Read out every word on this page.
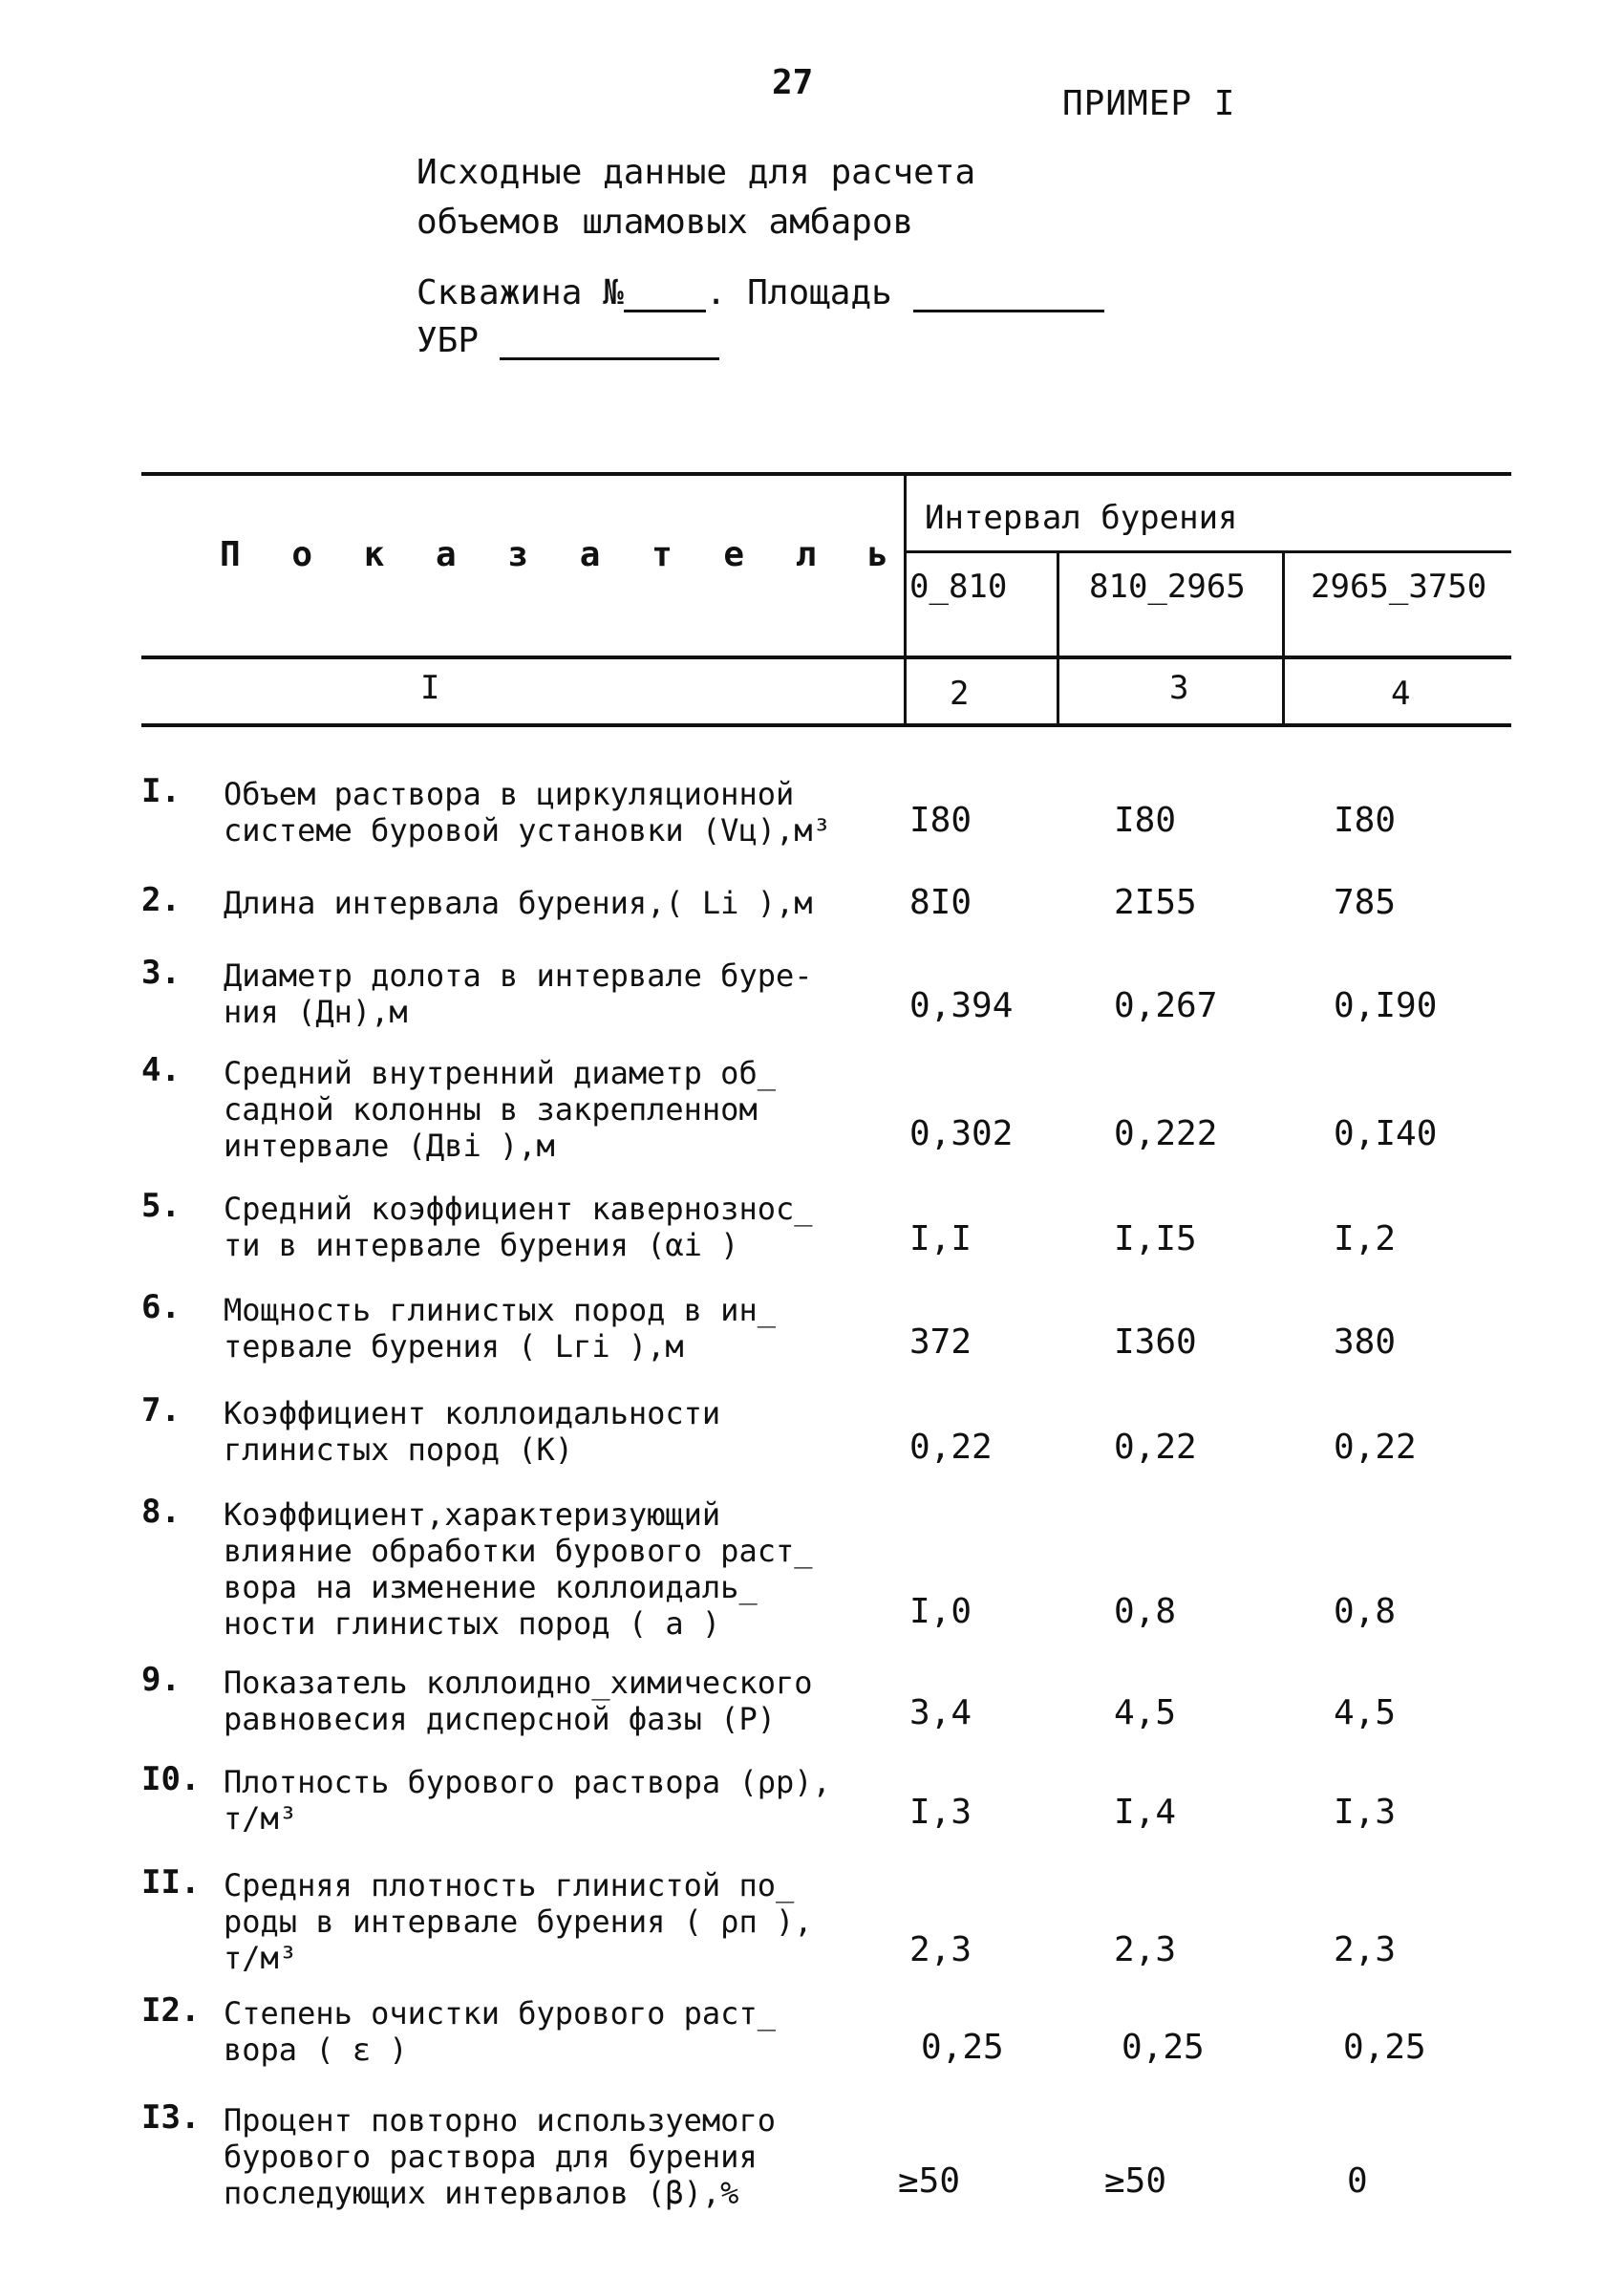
27
ПРИМЕР I
Исходные данные для расчета
объемов шламовых амбаров
Скважина № . Площадь
УБР
П о к а з а т е л ь
Интервал бурения
0_810	810_2965 2965_3750
I	2	3	4
I. Объем раствора в циркуляционной
системе буровой установки (Vц),м³ I80	I80	I80
2. Длина интервала бурения,( Li ),м	8I0	2I55	785
3. Диаметр долота в интервале буре-
ния (Дн),м	0,394	0,267	0,I90
4. Средний внутренний диаметр об_
садной колонны в закрепленном
интервале (Двi ),м	0,302	0,222	0,I40
5. Средний коэффициент кавернознос_
ти в интервале бурения (αi )	I,I	I,I5	I,2
6. Мощность глинистых пород в ин_
тервале бурения ( Lгi ),м	372	I360	380
7. Коэффициент коллоидальности
глинистых пород (К)	0,22	0,22	0,22
8. Коэффициент,характеризующий
влияние обработки бурового раст_
вора на изменение коллоидаль_
ности глинистых пород ( a )	I,0	0,8	0,8
9. Показатель коллоидно_химического
равновесия дисперсной фазы (P)	3,4	4,5	4,5
I0. Плотность бурового раствора (ρр),
т/м³	I,3	I,4	I,3
II. Средняя плотность глинистой по_
роды в интервале бурения ( ρп ),
т/м³	2,3	2,3	2,3
I2. Степень очистки бурового раст_
вора ( ε )	0,25	0,25	0,25
I3. Процент повторно используемого
бурового раствора для бурения
последующих интервалов (β),%	≥50	≥50	0
